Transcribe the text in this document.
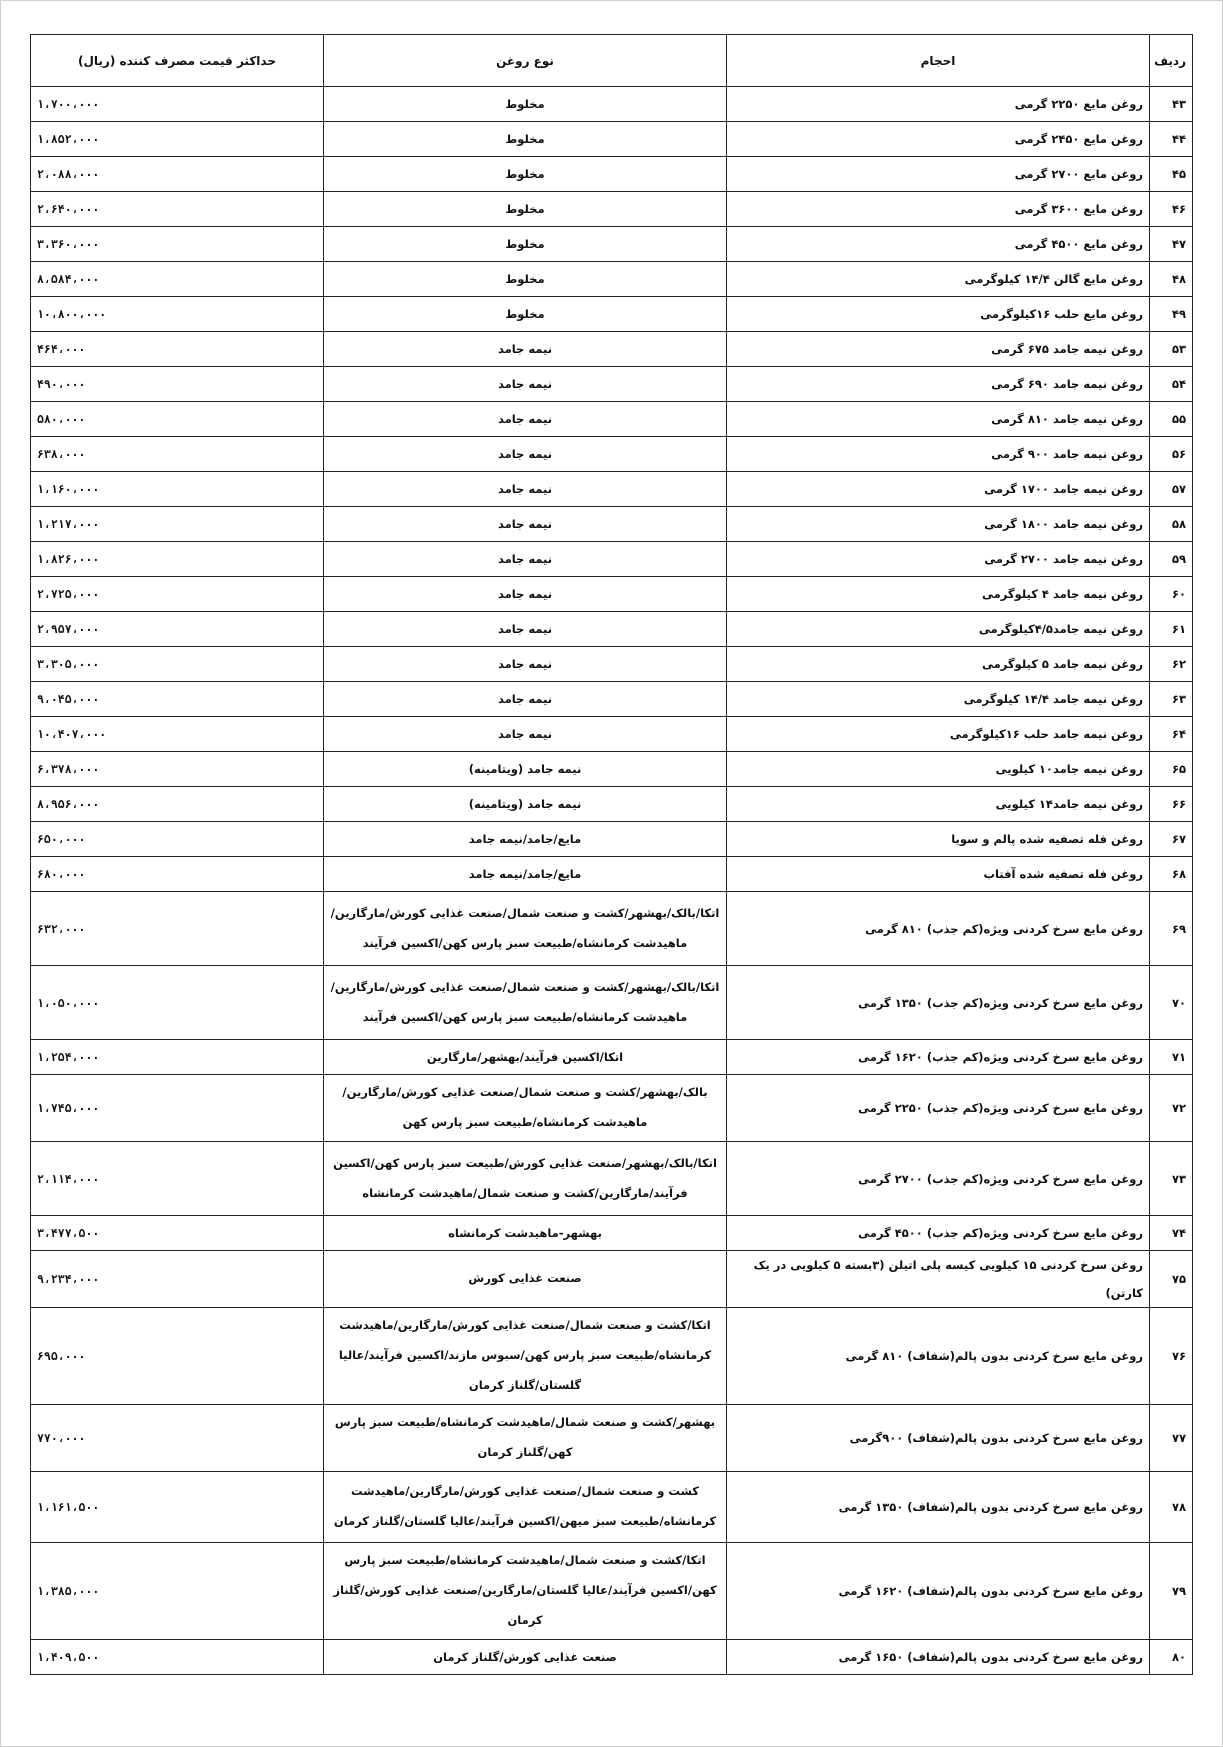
ردیف	احجام	نوع روغن	حداکثر قیمت مصرف کننده (ریال)
۴۳	روغن مایع ۲۲۵۰ گرمی	مخلوط	۱،۷۰۰،۰۰۰
۴۴	روغن مایع ۲۴۵۰ گرمی	مخلوط	۱،۸۵۲،۰۰۰
۴۵	روغن مایع ۲۷۰۰ گرمی	مخلوط	۲،۰۸۸،۰۰۰
۴۶	روغن مایع ۳۶۰۰ گرمی	مخلوط	۲،۶۴۰،۰۰۰
۴۷	روغن مایع ۴۵۰۰ گرمی	مخلوط	۳،۳۶۰،۰۰۰
۴۸	روغن مایع گالن ۱۴/۴ کیلوگرمی	مخلوط	۸،۵۸۴،۰۰۰
۴۹	روغن مایع حلب ۱۶کیلوگرمی	مخلوط	۱۰،۸۰۰،۰۰۰
۵۳	روغن نیمه جامد ۶۷۵ گرمی	نیمه جامد	۴۶۴،۰۰۰
۵۴	روغن نیمه جامد ۶۹۰ گرمی	نیمه جامد	۴۹۰،۰۰۰
۵۵	روغن نیمه جامد ۸۱۰ گرمی	نیمه جامد	۵۸۰،۰۰۰
۵۶	روغن نیمه جامد ۹۰۰ گرمی	نیمه جامد	۶۳۸،۰۰۰
۵۷	روغن نیمه جامد ۱۷۰۰ گرمی	نیمه جامد	۱،۱۶۰،۰۰۰
۵۸	روغن نیمه جامد ۱۸۰۰ گرمی	نیمه جامد	۱،۲۱۷،۰۰۰
۵۹	روغن نیمه جامد ۲۷۰۰ گرمی	نیمه جامد	۱،۸۲۶،۰۰۰
۶۰	روغن نیمه جامد ۴ کیلوگرمی	نیمه جامد	۲،۷۲۵،۰۰۰
۶۱	روغن نیمه جامد۴/۵کیلوگرمی	نیمه جامد	۲،۹۵۷،۰۰۰
۶۲	روغن نیمه جامد ۵ کیلوگرمی	نیمه جامد	۳،۳۰۵،۰۰۰
۶۳	روغن نیمه جامد ۱۴/۴ کیلوگرمی	نیمه جامد	۹،۰۴۵،۰۰۰
۶۴	روغن نیمه جامد حلب ۱۶کیلوگرمی	نیمه جامد	۱۰،۴۰۷،۰۰۰
۶۵	روغن نیمه جامد۱۰ کیلویی	نیمه جامد (ویتامینه)	۶،۳۷۸،۰۰۰
۶۶	روغن نیمه جامد۱۴ کیلویی	نیمه جامد (ویتامینه)	۸،۹۵۶،۰۰۰
۶۷	روغن فله تصفیه شده پالم و سویا	مایع/جامد/نیمه جامد	۶۵۰،۰۰۰
۶۸	روغن فله تصفیه شده آفتاب	مایع/جامد/نیمه جامد	۶۸۰،۰۰۰
۶۹	روغن مایع سرخ کردنی ویژه(کم جذب) ۸۱۰ گرمی	اتکا/بالک/بهشهر/کشت و صنعت شمال/صنعت غذایی کورش/مارگارین/ماهیدشت کرمانشاه/طبیعت سبز پارس کهن/اکسین فرآیند	۶۳۲،۰۰۰
۷۰	روغن مایع سرخ کردنی ویژه(کم جذب) ۱۳۵۰ گرمی	اتکا/بالک/بهشهر/کشت و صنعت شمال/صنعت غذایی کورش/مارگارین/ماهیدشت کرمانشاه/طبیعت سبز پارس کهن/اکسین فرآیند	۱،۰۵۰،۰۰۰
۷۱	روغن مایع سرخ کردنی ویژه(کم جذب) ۱۶۲۰ گرمی	اتکا/اکسین فرآیند/بهشهر/مارگارین	۱،۲۵۴،۰۰۰
۷۲	روغن مایع سرخ کردنی ویژه(کم جذب) ۲۲۵۰ گرمی	بالک/بهشهر/کشت و صنعت شمال/صنعت غذایی کورش/مارگارین/ماهیدشت کرمانشاه/طبیعت سبز پارس کهن	۱،۷۴۵،۰۰۰
۷۳	روغن مایع سرخ کردنی ویژه(کم جذب) ۲۷۰۰ گرمی	اتکا/بالک/بهشهر/صنعت غذایی کورش/طبیعت سبز پارس کهن/اکسین فرآیند/مارگارین/کشت و صنعت شمال/ماهیدشت کرمانشاه	۲،۱۱۴،۰۰۰
۷۴	روغن مایع سرخ کردنی ویژه(کم جذب) ۴۵۰۰ گرمی	بهشهر-ماهیدشت کرمانشاه	۳،۴۷۷،۵۰۰
۷۵	روغن سرخ کردنی ۱۵ کیلویی کیسه پلی اتیلن (۳بسته ۵ کیلویی در یک کارتن)	صنعت غذایی کورش	۹،۲۳۴،۰۰۰
۷۶	روغن مایع سرخ کردنی بدون پالم(شفاف) ۸۱۰ گرمی	اتکا/کشت و صنعت شمال/صنعت غذایی کورش/مارگارین/ماهیدشت کرمانشاه/طبیعت سبز پارس کهن/سبوس مازند/اکسین فرآیند/عالیا گلستان/گلناز کرمان	۶۹۵،۰۰۰
۷۷	روغن مایع سرخ کردنی بدون پالم(شفاف) ۹۰۰گرمی	بهشهر/کشت و صنعت شمال/ماهیدشت کرمانشاه/طبیعت سبز پارس کهن/گلناز کرمان	۷۷۰،۰۰۰
۷۸	روغن مایع سرخ کردنی بدون پالم(شفاف) ۱۳۵۰ گرمی	کشت و صنعت شمال/صنعت غذایی کورش/مارگارین/ماهیدشت کرمانشاه/طبیعت سبز میهن/اکسین فرآیند/عالیا گلستان/گلناز کرمان	۱،۱۶۱،۵۰۰
۷۹	روغن مایع سرخ کردنی بدون پالم(شفاف) ۱۶۲۰ گرمی	اتکا/کشت و صنعت شمال/ماهیدشت کرمانشاه/طبیعت سبز پارس کهن/اکسین فرآیند/عالیا گلستان/مارگارین/صنعت غذایی کورش/گلناز کرمان	۱،۳۸۵،۰۰۰
۸۰	روغن مایع سرخ کردنی بدون پالم(شفاف) ۱۶۵۰ گرمی	صنعت غذایی کورش/گلناز کرمان	۱،۴۰۹،۵۰۰
